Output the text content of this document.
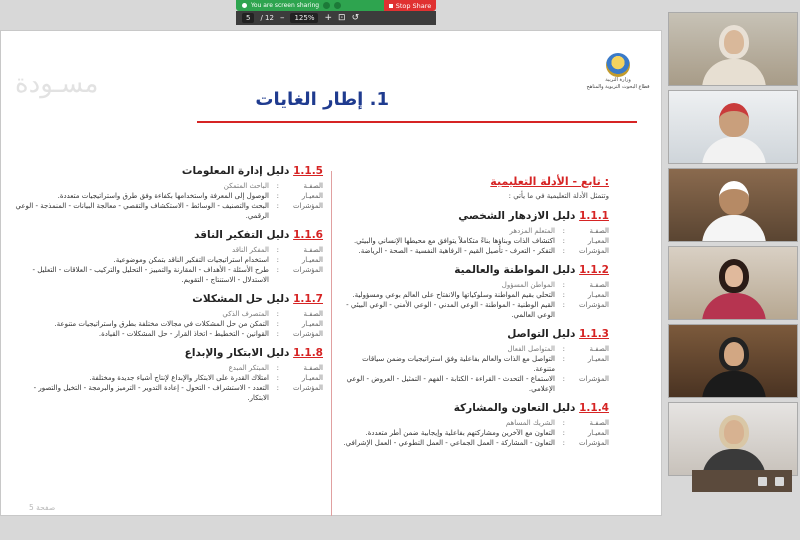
You are screen sharing	Stop Share
5	/ 12 –	125%	+ ⊡ ↺
مسـودة	وزارة التربية
قطاع البحوث التربوية والمناهج
1. إطار الغايات
: تابع - الأدلة التعليمية
وتتمثل الأدلة التعليمية في ما يأتي :
1.1.1 دليل الازدهار الشخصي
الصفـة
:
المتعلم المزدهر
المعيـار
:
اكتشاف الذات وبناؤها بناءً متكاملاً يتوافق مع محيطها الإنساني والبيئي.
المؤشرات
:
التفكر - التعرف - تأصيل القيم - الرفاهية النفسية - الصحة - الرياضة.
1.1.2 دليل المواطنة والعالمية
الصفـة
:
المواطن المسؤول
المعيـار
:
التحلي بقيم المواطنة وسلوكياتها والانفتاح على العالم بوعي ومسؤولية.
المؤشرات
:
القيم الوطنية - المواطنة - الوعي المدني - الوعي الأمني - الوعي البيئي - الوعي العالمي.
1.1.3 دليل التواصل
الصفـة
:
المتواصل الفعال
المعيـار
:
التواصل مع الذات والعالم بفاعلية وفق استراتيجيات وضمن سياقات متنوعة.
المؤشرات
:
الاستماع - التحدث - القراءة - الكتابة - الفهم - التمثيل - العروض - الوعي الإعلامي.
1.1.4 دليل التعاون والمشاركة
الصفـة
:
الشريك المساهم
المعيـار
:
التعاون مع الآخرين ومشاركتهم بفاعلية وإيجابية ضمن أطر متعددة.
المؤشرات
:
التعاون - المشاركة - العمل الجماعي - العمل التطوعي - العمل الإشرافي.
1.1.5 دليل إدارة المعلومات
الصفـة
:
الباحث المتمكن
المعيـار
:
الوصول إلى المعرفة واستخدامها بكفاءة وفق طرق واستراتيجيات متعددة.
المؤشرات
:
البحث والتصنيف - الوسائط - الاستكشاف والتقصي - معالجة البيانات - المنمذجة - الوعي الرقمي.
1.1.6 دليل التفكير الناقد
الصفـة
:
المفكر الناقد
المعيـار
:
استخدام استراتيجيات التفكير الناقد بتمكن وموضوعية.
المؤشرات
:
طرح الأسئلة - الأهداف - المقارنة والتمييز - التحليل والتركيب - العلاقات - التعليل - الاستدلال - الاستنتاج - التقويم.
1.1.7 دليل حل المشكلات
الصفـة
:
المتصرف الذكي
المعيـار
:
التمكن من حل المشكلات في مجالات مختلفة بطرق واستراتيجيات متنوعة.
المؤشرات
:
القوانين - التخطيط - اتخاذ القرار - حل المشكلات - القيادة.
1.1.8 دليل الابتكار والإبداع
الصفـة
:
المبتكر المبدع
المعيـار
:
امتلاك القدرة على الابتكار والإبداع لإنتاج أشياء جديدة ومختلفة.
المؤشرات
:
التعدد - الاستشراف - التحول - إعادة التدوير - الترميز والبرمجة - التخيل والتصور - الابتكار.
صفحة 5
